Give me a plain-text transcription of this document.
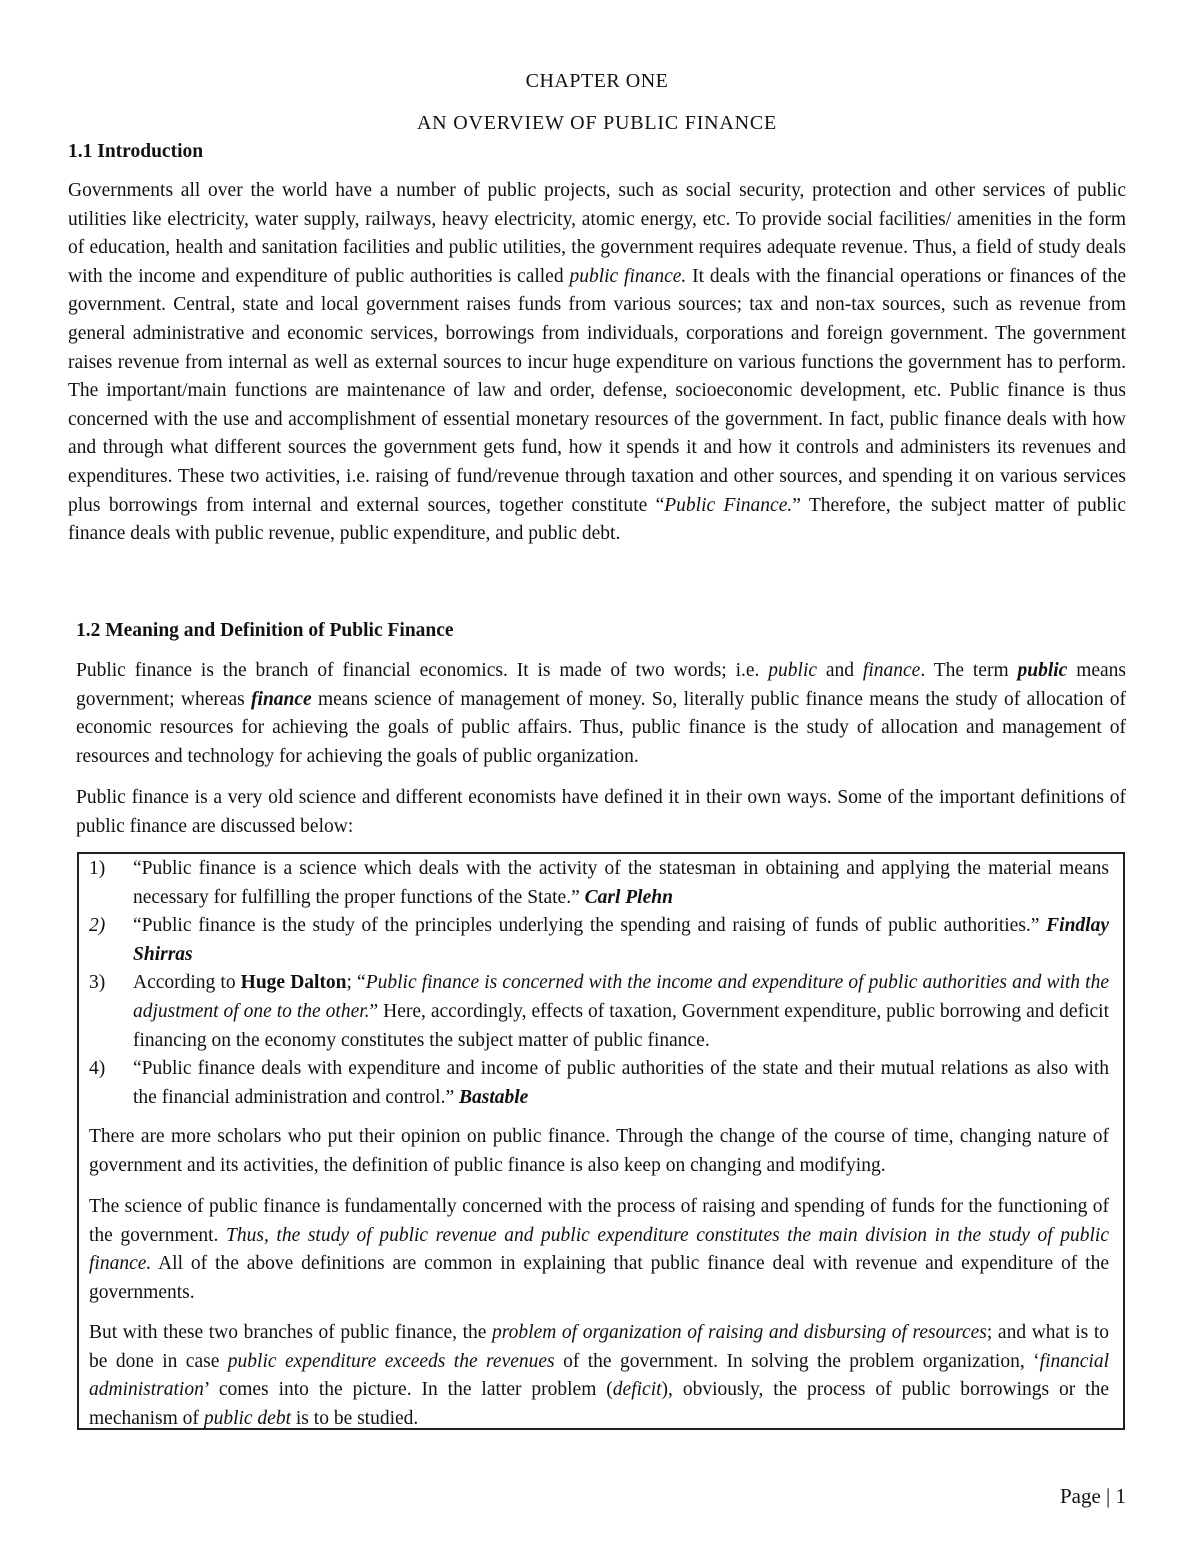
CHAPTER ONE
AN OVERVIEW OF PUBLIC FINANCE
1.1 Introduction

Governments all over the world have a number of public projects, such as social security, protection and other services of public utilities like electricity, water supply, railways, heavy electricity, atomic energy, etc. To provide social facilities/ amenities in the form of education, health and sanitation facilities and public utilities, the government requires adequate revenue. Thus, a field of study deals with the income and expenditure of public authorities is called public finance. It deals with the financial operations or finances of the government. Central, state and local government raises funds from various sources; tax and non-tax sources, such as revenue from general administrative and economic services, borrowings from individuals, corporations and foreign government. The government raises revenue from internal as well as external sources to incur huge expenditure on various functions the government has to perform. The important/main functions are maintenance of law and order, defense, socioeconomic development, etc. Public finance is thus concerned with the use and accomplishment of essential monetary resources of the government. In fact, public finance deals with how and through what different sources the government gets fund, how it spends it and how it controls and administers its revenues and expenditures. These two activities, i.e. raising of fund/revenue through taxation and other sources, and spending it on various services plus borrowings from internal and external sources, together constitute “Public Finance.” Therefore, the subject matter of public finance deals with public revenue, public expenditure, and public debt.

1.2 Meaning and Definition of Public Finance

Public finance is the branch of financial economics. It is made of two words; i.e. public and finance. The term public means government; whereas finance means science of management of money. So, literally public finance means the study of allocation of economic resources for achieving the goals of public affairs. Thus, public finance is the study of allocation and management of resources and technology for achieving the goals of public organization.

Public finance is a very old science and different economists have defined it in their own ways. Some of the important definitions of public finance are discussed below:

1) “Public finance is a science which deals with the activity of the statesman in obtaining and applying the material means necessary for fulfilling the proper functions of the State.” Carl Plehn
2) “Public finance is the study of the principles underlying the spending and raising of funds of public authorities.” Findlay Shirras
3) According to Huge Dalton; “Public finance is concerned with the income and expenditure of public authorities and with the adjustment of one to the other.” Here, accordingly, effects of taxation, Government expenditure, public borrowing and deficit financing on the economy constitutes the subject matter of public finance.
4) “Public finance deals with expenditure and income of public authorities of the state and their mutual relations as also with the financial administration and control.” Bastable

There are more scholars who put their opinion on public finance. Through the change of the course of time, changing nature of government and its activities, the definition of public finance is also keep on changing and modifying.

The science of public finance is fundamentally concerned with the process of raising and spending of funds for the functioning of the government. Thus, the study of public revenue and public expenditure constitutes the main division in the study of public finance. All of the above definitions are common in explaining that public finance deal with revenue and expenditure of the governments.

But with these two branches of public finance, the problem of organization of raising and disbursing of resources; and what is to be done in case public expenditure exceeds the revenues of the government. In solving the problem organization, ‘financial administration’ comes into the picture. In the latter problem (deficit), obviously, the process of public borrowings or the mechanism of public debt is to be studied.

Page | 1
